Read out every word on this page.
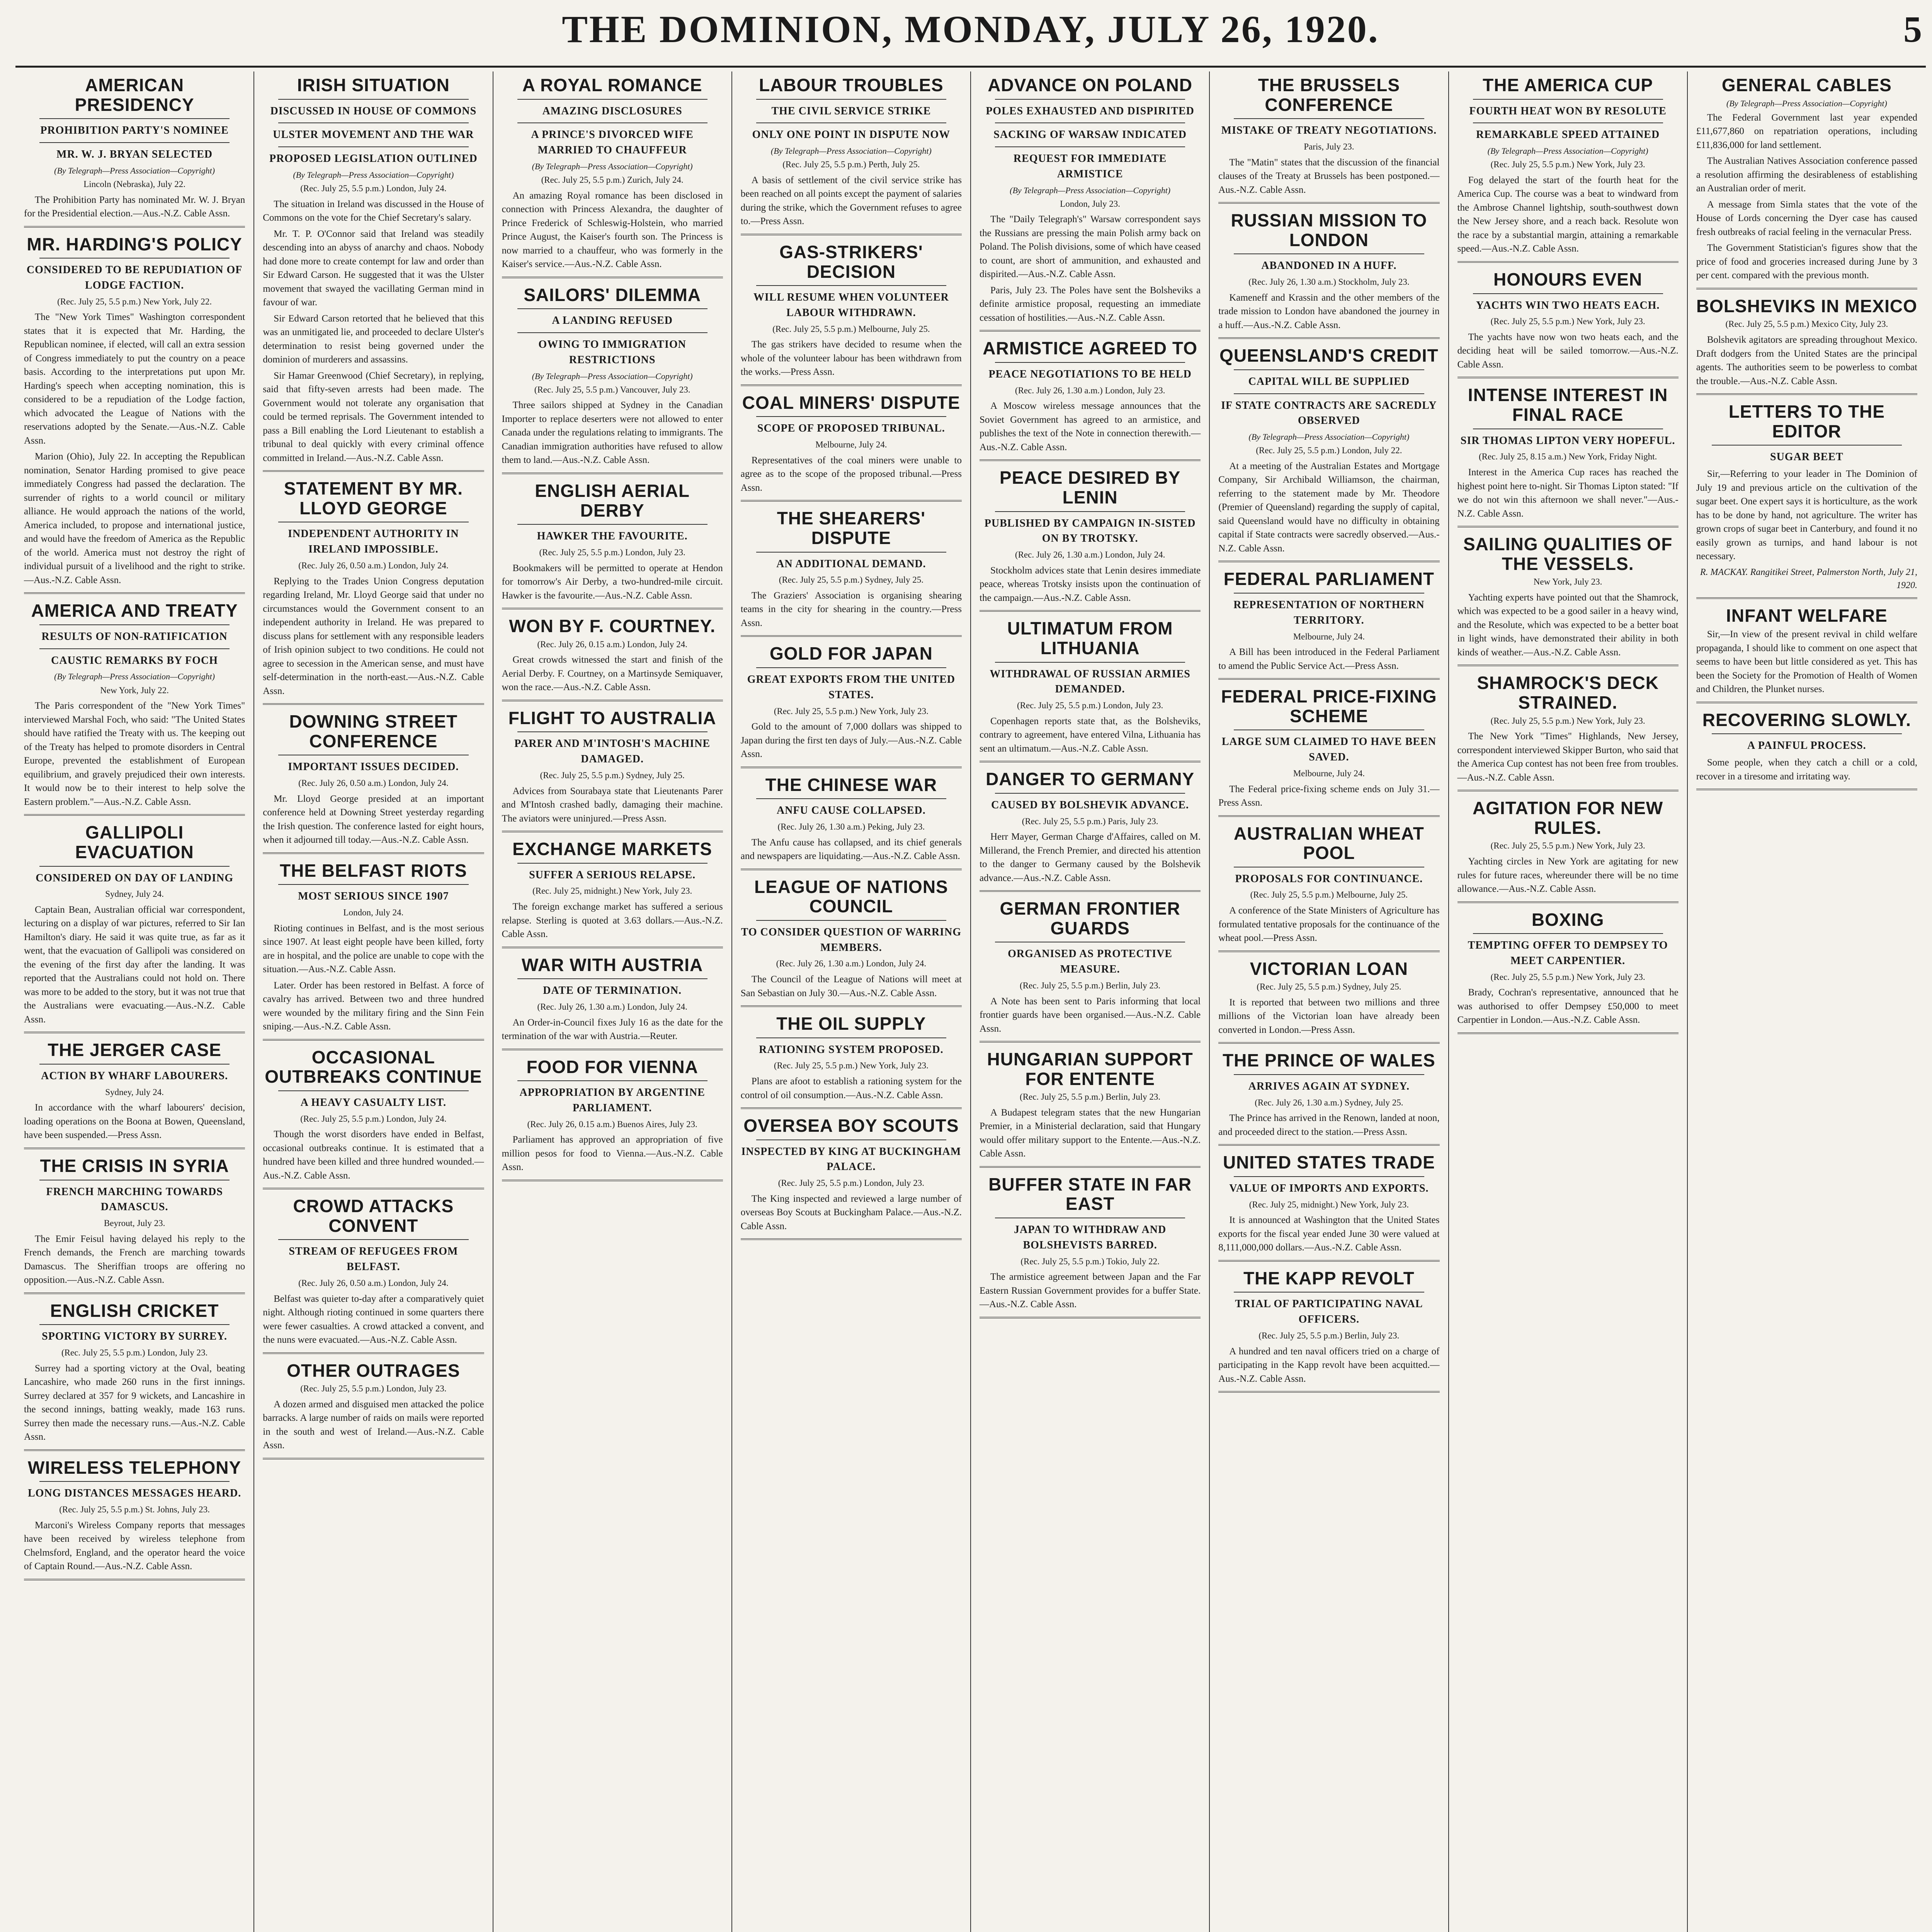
THE DOMINION, MONDAY, JULY 26, 1920.	5
AMERICAN PRESIDENCY
PROHIBITION PARTY'S NOMINEE
MR. W. J. BRYAN SELECTED
(By Telegraph—Press Association—Copyright)
Lincoln (Nebraska), July 22.

The Prohibition Party has nominated Mr. W. J. Bryan for the Presidential election.—Aus.-N.Z. Cable Assn.

MR. HARDING'S POLICY
CONSIDERED TO BE REPUDIATION OF LODGE FACTION.
(Rec. July 25, 5.5 p.m.) New York, July 22.

The "New York Times" Washington correspondent states that it is expected that Mr. Harding, the Republican nominee, if elected, will call an extra session of Congress immediately to put the country on a peace basis. According to the interpretations put upon Mr. Harding's speech when accepting nomination, this is considered to be a repudiation of the Lodge faction, which advocated the League of Nations with the reservations adopted by the Senate.—Aus.-N.Z. Cable Assn.

Marion (Ohio), July 22. In accepting the Republican nomination, Senator Harding promised to give peace immediately Congress had passed the declaration. The surrender of rights to a world council or military alliance. He would approach the nations of the world, America included, to propose and international justice, and would have the freedom of America as the Republic of the world. America must not destroy the right of individual pursuit of a livelihood and the right to strike.—Aus.-N.Z. Cable Assn.

AMERICA AND TREATY
RESULTS OF NON-RATIFICATION
CAUSTIC REMARKS BY FOCH
(By Telegraph—Press Association—Copyright)
New York, July 22.

The Paris correspondent of the "New York Times" interviewed Marshal Foch, who said: "The United States should have ratified the Treaty with us. The keeping out of the Treaty has helped to promote disorders in Central Europe, prevented the establishment of European equilibrium, and gravely prejudiced their own interests. It would now be to their interest to help solve the Eastern problem."—Aus.-N.Z. Cable Assn.

GALLIPOLI EVACUATION
CONSIDERED ON DAY OF LANDING
Sydney, July 24.

Captain Bean, Australian official war correspondent, lecturing on a display of war pictures, referred to Sir Ian Hamilton's diary. He said it was quite true, as far as it went, that the evacuation of Gallipoli was considered on the evening of the first day after the landing. It was reported that the Australians could not hold on. There was more to be added to the story, but it was not true that the Australians were evacuating.—Aus.-N.Z. Cable Assn.

THE JERGER CASE
ACTION BY WHARF LABOURERS.
Sydney, July 24.

In accordance with the wharf labourers' decision, loading operations on the Boona at Bowen, Queensland, have been suspended.—Press Assn.

THE CRISIS IN SYRIA
FRENCH MARCHING TOWARDS DAMASCUS.
Beyrout, July 23.

The Emir Feisul having delayed his reply to the French demands, the French are marching towards Damascus. The Sheriffian troops are offering no opposition.—Aus.-N.Z. Cable Assn.

ENGLISH CRICKET
SPORTING VICTORY BY SURREY.
(Rec. July 25, 5.5 p.m.) London, July 23.

Surrey had a sporting victory at the Oval, beating Lancashire, who made 260 runs in the first innings. Surrey declared at 357 for 9 wickets, and Lancashire in the second innings, batting weakly, made 163 runs. Surrey then made the necessary runs.—Aus.-N.Z. Cable Assn.

WIRELESS TELEPHONY
LONG DISTANCES MESSAGES HEARD.
(Rec. July 25, 5.5 p.m.) St. Johns, July 23.

Marconi's Wireless Company reports that messages have been received by wireless telephone from Chelmsford, England, and the operator heard the voice of Captain Round.—Aus.-N.Z. Cable Assn.

IRISH SITUATION
DISCUSSED IN HOUSE OF COMMONS
ULSTER MOVEMENT AND THE WAR
PROPOSED LEGISLATION OUTLINED
(By Telegraph—Press Association—Copyright)
(Rec. July 25, 5.5 p.m.) London, July 24.

The situation in Ireland was discussed in the House of Commons on the vote for the Chief Secretary's salary.

Mr. T. P. O'Connor said that Ireland was steadily descending into an abyss of anarchy and chaos. Nobody had done more to create contempt for law and order than Sir Edward Carson. He suggested that it was the Ulster movement that swayed the vacillating German mind in favour of war.

Sir Edward Carson retorted that he believed that this was an unmitigated lie, and proceeded to declare Ulster's determination to resist being governed under the dominion of murderers and assassins.

Sir Hamar Greenwood (Chief Secretary), in replying, said that fifty-seven arrests had been made. The Government would not tolerate any organisation that could be termed reprisals. The Government intended to pass a Bill enabling the Lord Lieutenant to establish a tribunal to deal quickly with every criminal offence committed in Ireland.—Aus.-N.Z. Cable Assn.

STATEMENT BY MR. LLOYD GEORGE
INDEPENDENT AUTHORITY IN IRELAND IMPOSSIBLE.
(Rec. July 26, 0.50 a.m.) London, July 24.

Replying to the Trades Union Congress deputation regarding Ireland, Mr. Lloyd George said that under no circumstances would the Government consent to an independent authority in Ireland. He was prepared to discuss plans for settlement with any responsible leaders of Irish opinion subject to two conditions. He could not agree to secession in the American sense, and must have self-determination in the north-east.—Aus.-N.Z. Cable Assn.

DOWNING STREET CONFERENCE
IMPORTANT ISSUES DECIDED.
(Rec. July 26, 0.50 a.m.) London, July 24.

Mr. Lloyd George presided at an important conference held at Downing Street yesterday regarding the Irish question. The conference lasted for eight hours, when it adjourned till today.—Aus.-N.Z. Cable Assn.

THE BELFAST RIOTS
MOST SERIOUS SINCE 1907
London, July 24.

Rioting continues in Belfast, and is the most serious since 1907. At least eight people have been killed, forty are in hospital, and the police are unable to cope with the situation.—Aus.-N.Z. Cable Assn.

Later. Order has been restored in Belfast. A force of cavalry has arrived. Between two and three hundred were wounded by the military firing and the Sinn Fein sniping.—Aus.-N.Z. Cable Assn.

OCCASIONAL OUTBREAKS CONTINUE
A HEAVY CASUALTY LIST.
(Rec. July 25, 5.5 p.m.) London, July 24.

Though the worst disorders have ended in Belfast, occasional outbreaks continue. It is estimated that a hundred have been killed and three hundred wounded.—Aus.-N.Z. Cable Assn.

CROWD ATTACKS CONVENT
STREAM OF REFUGEES FROM BELFAST.
(Rec. July 26, 0.50 a.m.) London, July 24.

Belfast was quieter to-day after a comparatively quiet night. Although rioting continued in some quarters there were fewer casualties. A crowd attacked a convent, and the nuns were evacuated.—Aus.-N.Z. Cable Assn.

OTHER OUTRAGES
(Rec. July 25, 5.5 p.m.) London, July 23.

A dozen armed and disguised men attacked the police barracks. A large number of raids on mails were reported in the south and west of Ireland.—Aus.-N.Z. Cable Assn.

A ROYAL ROMANCE
AMAZING DISCLOSURES
A PRINCE'S DIVORCED WIFE MARRIED TO CHAUFFEUR
(By Telegraph—Press Association—Copyright)
(Rec. July 25, 5.5 p.m.) Zurich, July 24.

An amazing Royal romance has been disclosed in connection with Princess Alexandra, the daughter of Prince Frederick of Schleswig-Holstein, who married Prince August, the Kaiser's fourth son. The Princess is now married to a chauffeur, who was formerly in the Kaiser's service.—Aus.-N.Z. Cable Assn.

SAILORS' DILEMMA
A LANDING REFUSED
OWING TO IMMIGRATION RESTRICTIONS
(By Telegraph—Press Association—Copyright)
(Rec. July 25, 5.5 p.m.) Vancouver, July 23.

Three sailors shipped at Sydney in the Canadian Importer to replace deserters were not allowed to enter Canada under the regulations relating to immigrants. The Canadian immigration authorities have refused to allow them to land.—Aus.-N.Z. Cable Assn.

ENGLISH AERIAL DERBY
HAWKER THE FAVOURITE.
(Rec. July 25, 5.5 p.m.) London, July 23.

Bookmakers will be permitted to operate at Hendon for tomorrow's Air Derby, a two-hundred-mile circuit. Hawker is the favourite.—Aus.-N.Z. Cable Assn.

WON BY F. COURTNEY.
(Rec. July 26, 0.15 a.m.) London, July 24.

Great crowds witnessed the start and finish of the Aerial Derby. F. Courtney, on a Martinsyde Semiquaver, won the race.—Aus.-N.Z. Cable Assn.

FLIGHT TO AUSTRALIA
PARER AND M'INTOSH'S MACHINE DAMAGED.
(Rec. July 25, 5.5 p.m.) Sydney, July 25.

Advices from Sourabaya state that Lieutenants Parer and M'Intosh crashed badly, damaging their machine. The aviators were uninjured.—Press Assn.

EXCHANGE MARKETS
SUFFER A SERIOUS RELAPSE.
(Rec. July 25, midnight.) New York, July 23.

The foreign exchange market has suffered a serious relapse. Sterling is quoted at 3.63 dollars.—Aus.-N.Z. Cable Assn.

WAR WITH AUSTRIA
DATE OF TERMINATION.
(Rec. July 26, 1.30 a.m.) London, July 24.

An Order-in-Council fixes July 16 as the date for the termination of the war with Austria.—Reuter.

FOOD FOR VIENNA
APPROPRIATION BY ARGENTINE PARLIAMENT.
(Rec. July 26, 0.15 a.m.) Buenos Aires, July 23.

Parliament has approved an appropriation of five million pesos for food to Vienna.—Aus.-N.Z. Cable Assn.

LABOUR TROUBLES
THE CIVIL SERVICE STRIKE
ONLY ONE POINT IN DISPUTE NOW
(By Telegraph—Press Association—Copyright)
(Rec. July 25, 5.5 p.m.) Perth, July 25.

A basis of settlement of the civil service strike has been reached on all points except the payment of salaries during the strike, which the Government refuses to agree to.—Press Assn.

GAS-STRIKERS' DECISION
WILL RESUME WHEN VOLUNTEER LABOUR WITHDRAWN.
(Rec. July 25, 5.5 p.m.) Melbourne, July 25.

The gas strikers have decided to resume when the whole of the volunteer labour has been withdrawn from the works.—Press Assn.

COAL MINERS' DISPUTE
SCOPE OF PROPOSED TRIBUNAL.
Melbourne, July 24.

Representatives of the coal miners were unable to agree as to the scope of the proposed tribunal.—Press Assn.

THE SHEARERS' DISPUTE
AN ADDITIONAL DEMAND.
(Rec. July 25, 5.5 p.m.) Sydney, July 25.

The Graziers' Association is organising shearing teams in the city for shearing in the country.—Press Assn.

GOLD FOR JAPAN
GREAT EXPORTS FROM THE UNITED STATES.
(Rec. July 25, 5.5 p.m.) New York, July 23.

Gold to the amount of 7,000 dollars was shipped to Japan during the first ten days of July.—Aus.-N.Z. Cable Assn.

THE CHINESE WAR
ANFU CAUSE COLLAPSED.
(Rec. July 26, 1.30 a.m.) Peking, July 23.

The Anfu cause has collapsed, and its chief generals and newspapers are liquidating.—Aus.-N.Z. Cable Assn.

LEAGUE OF NATIONS COUNCIL
TO CONSIDER QUESTION OF WARRING MEMBERS.
(Rec. July 26, 1.30 a.m.) London, July 24.

The Council of the League of Nations will meet at San Sebastian on July 30.—Aus.-N.Z. Cable Assn.

THE OIL SUPPLY
RATIONING SYSTEM PROPOSED.
(Rec. July 25, 5.5 p.m.) New York, July 23.

Plans are afoot to establish a rationing system for the control of oil consumption.—Aus.-N.Z. Cable Assn.

OVERSEA BOY SCOUTS
INSPECTED BY KING AT BUCKINGHAM PALACE.
(Rec. July 25, 5.5 p.m.) London, July 23.

The King inspected and reviewed a large number of overseas Boy Scouts at Buckingham Palace.—Aus.-N.Z. Cable Assn.

ADVANCE ON POLAND
POLES EXHAUSTED AND DISPIRITED
SACKING OF WARSAW INDICATED
REQUEST FOR IMMEDIATE ARMISTICE
(By Telegraph—Press Association—Copyright)
London, July 23.

The "Daily Telegraph's" Warsaw correspondent says the Russians are pressing the main Polish army back on Poland. The Polish divisions, some of which have ceased to count, are short of ammunition, and exhausted and dispirited.—Aus.-N.Z. Cable Assn.

Paris, July 23. The Poles have sent the Bolsheviks a definite armistice proposal, requesting an immediate cessation of hostilities.—Aus.-N.Z. Cable Assn.

ARMISTICE AGREED TO
PEACE NEGOTIATIONS TO BE HELD
(Rec. July 26, 1.30 a.m.) London, July 23.

A Moscow wireless message announces that the Soviet Government has agreed to an armistice, and publishes the text of the Note in connection therewith.—Aus.-N.Z. Cable Assn.

PEACE DESIRED BY LENIN
PUBLISHED BY CAMPAIGN IN-SISTED ON BY TROTSKY.
(Rec. July 26, 1.30 a.m.) London, July 24.

Stockholm advices state that Lenin desires immediate peace, whereas Trotsky insists upon the continuation of the campaign.—Aus.-N.Z. Cable Assn.

ULTIMATUM FROM LITHUANIA
WITHDRAWAL OF RUSSIAN ARMIES DEMANDED.
(Rec. July 25, 5.5 p.m.) London, July 23.

Copenhagen reports state that, as the Bolsheviks, contrary to agreement, have entered Vilna, Lithuania has sent an ultimatum.—Aus.-N.Z. Cable Assn.

DANGER TO GERMANY
CAUSED BY BOLSHEVIK ADVANCE.
(Rec. July 25, 5.5 p.m.) Paris, July 23.

Herr Mayer, German Charge d'Affaires, called on M. Millerand, the French Premier, and directed his attention to the danger to Germany caused by the Bolshevik advance.—Aus.-N.Z. Cable Assn.

GERMAN FRONTIER GUARDS
ORGANISED AS PROTECTIVE MEASURE.
(Rec. July 25, 5.5 p.m.) Berlin, July 23.

A Note has been sent to Paris informing that local frontier guards have been organised.—Aus.-N.Z. Cable Assn.

HUNGARIAN SUPPORT FOR ENTENTE
(Rec. July 25, 5.5 p.m.) Berlin, July 23.

A Budapest telegram states that the new Hungarian Premier, in a Ministerial declaration, said that Hungary would offer military support to the Entente.—Aus.-N.Z. Cable Assn.

BUFFER STATE IN FAR EAST
JAPAN TO WITHDRAW AND BOLSHEVISTS BARRED.
(Rec. July 25, 5.5 p.m.) Tokio, July 22.

The armistice agreement between Japan and the Far Eastern Russian Government provides for a buffer State.—Aus.-N.Z. Cable Assn.

THE BRUSSELS CONFERENCE
MISTAKE OF TREATY NEGOTIATIONS.
Paris, July 23.

The "Matin" states that the discussion of the financial clauses of the Treaty at Brussels has been postponed.—Aus.-N.Z. Cable Assn.

RUSSIAN MISSION TO LONDON
ABANDONED IN A HUFF.
(Rec. July 26, 1.30 a.m.) Stockholm, July 23.

Kameneff and Krassin and the other members of the trade mission to London have abandoned the journey in a huff.—Aus.-N.Z. Cable Assn.

QUEENSLAND'S CREDIT
CAPITAL WILL BE SUPPLIED
IF STATE CONTRACTS ARE SACREDLY OBSERVED
(By Telegraph—Press Association—Copyright)
(Rec. July 25, 5.5 p.m.) London, July 22.

At a meeting of the Australian Estates and Mortgage Company, Sir Archibald Williamson, the chairman, referring to the statement made by Mr. Theodore (Premier of Queensland) regarding the supply of capital, said Queensland would have no difficulty in obtaining capital if State contracts were sacredly observed.—Aus.-N.Z. Cable Assn.

FEDERAL PARLIAMENT
REPRESENTATION OF NORTHERN TERRITORY.
Melbourne, July 24.

A Bill has been introduced in the Federal Parliament to amend the Public Service Act.—Press Assn.

FEDERAL PRICE-FIXING SCHEME
LARGE SUM CLAIMED TO HAVE BEEN SAVED.
Melbourne, July 24.

The Federal price-fixing scheme ends on July 31.—Press Assn.

AUSTRALIAN WHEAT POOL
PROPOSALS FOR CONTINUANCE.
(Rec. July 25, 5.5 p.m.) Melbourne, July 25.

A conference of the State Ministers of Agriculture has formulated tentative proposals for the continuance of the wheat pool.—Press Assn.

VICTORIAN LOAN
(Rec. July 25, 5.5 p.m.) Sydney, July 25.

It is reported that between two millions and three millions of the Victorian loan have already been converted in London.—Press Assn.

THE PRINCE OF WALES
ARRIVES AGAIN AT SYDNEY.
(Rec. July 26, 1.30 a.m.) Sydney, July 25.

The Prince has arrived in the Renown, landed at noon, and proceeded direct to the station.—Press Assn.

UNITED STATES TRADE
VALUE OF IMPORTS AND EXPORTS.
(Rec. July 25, midnight.) New York, July 23.

It is announced at Washington that the United States exports for the fiscal year ended June 30 were valued at 8,111,000,000 dollars.—Aus.-N.Z. Cable Assn.

THE KAPP REVOLT
TRIAL OF PARTICIPATING NAVAL OFFICERS.
(Rec. July 25, 5.5 p.m.) Berlin, July 23.

A hundred and ten naval officers tried on a charge of participating in the Kapp revolt have been acquitted.—Aus.-N.Z. Cable Assn.

THE AMERICA CUP
FOURTH HEAT WON BY RESOLUTE
REMARKABLE SPEED ATTAINED
(By Telegraph—Press Association—Copyright)
(Rec. July 25, 5.5 p.m.) New York, July 23.

Fog delayed the start of the fourth heat for the America Cup. The course was a beat to windward from the Ambrose Channel lightship, south-southwest down the New Jersey shore, and a reach back. Resolute won the race by a substantial margin, attaining a remarkable speed.—Aus.-N.Z. Cable Assn.

HONOURS EVEN
YACHTS WIN TWO HEATS EACH.
(Rec. July 25, 5.5 p.m.) New York, July 23.

The yachts have now won two heats each, and the deciding heat will be sailed tomorrow.—Aus.-N.Z. Cable Assn.

INTENSE INTEREST IN FINAL RACE
SIR THOMAS LIPTON VERY HOPEFUL.
(Rec. July 25, 8.15 a.m.) New York, Friday Night.

Interest in the America Cup races has reached the highest point here to-night. Sir Thomas Lipton stated: "If we do not win this afternoon we shall never."—Aus.-N.Z. Cable Assn.

SAILING QUALITIES OF THE VESSELS.
New York, July 23.

Yachting experts have pointed out that the Shamrock, which was expected to be a good sailer in a heavy wind, and the Resolute, which was expected to be a better boat in light winds, have demonstrated their ability in both kinds of weather.—Aus.-N.Z. Cable Assn.

SHAMROCK'S DECK STRAINED.
(Rec. July 25, 5.5 p.m.) New York, July 23.

The New York "Times" Highlands, New Jersey, correspondent interviewed Skipper Burton, who said that the America Cup contest has not been free from troubles.—Aus.-N.Z. Cable Assn.

AGITATION FOR NEW RULES.
(Rec. July 25, 5.5 p.m.) New York, July 23.

Yachting circles in New York are agitating for new rules for future races, whereunder there will be no time allowance.—Aus.-N.Z. Cable Assn.

BOXING
TEMPTING OFFER TO DEMPSEY TO MEET CARPENTIER.
(Rec. July 25, 5.5 p.m.) New York, July 23.

Brady, Cochran's representative, announced that he was authorised to offer Dempsey £50,000 to meet Carpentier in London.—Aus.-N.Z. Cable Assn.

GENERAL CABLES
(By Telegraph—Press Association—Copyright)

The Federal Government last year expended £11,677,860 on repatriation operations, including £11,836,000 for land settlement.

The Australian Natives Association conference passed a resolution affirming the desirableness of establishing an Australian order of merit.

A message from Simla states that the vote of the House of Lords concerning the Dyer case has caused fresh outbreaks of racial feeling in the vernacular Press.

The Government Statistician's figures show that the price of food and groceries increased during June by 3 per cent. compared with the previous month.

BOLSHEVIKS IN MEXICO
(Rec. July 25, 5.5 p.m.) Mexico City, July 23.

Bolshevik agitators are spreading throughout Mexico. Draft dodgers from the United States are the principal agents. The authorities seem to be powerless to combat the trouble.—Aus.-N.Z. Cable Assn.

LETTERS TO THE EDITOR
SUGAR BEET

Sir,—Referring to your leader in The Dominion of July 19 and previous article on the cultivation of the sugar beet. One expert says it is horticulture, as the work has to be done by hand, not agriculture. The writer has grown crops of sugar beet in Canterbury, and found it no easily grown as turnips, and hand labour is not necessary.

R. MACKAY. Rangitikei Street, Palmerston North, July 21, 1920.
INFANT WELFARE

Sir,—In view of the present revival in child welfare propaganda, I should like to comment on one aspect that seems to have been but little considered as yet. This has been the Society for the Promotion of Health of Women and Children, the Plunket nurses.

RECOVERING SLOWLY.
A PAINFUL PROCESS.

Some people, when they catch a chill or a cold, recover in a tiresome and irritating way.
